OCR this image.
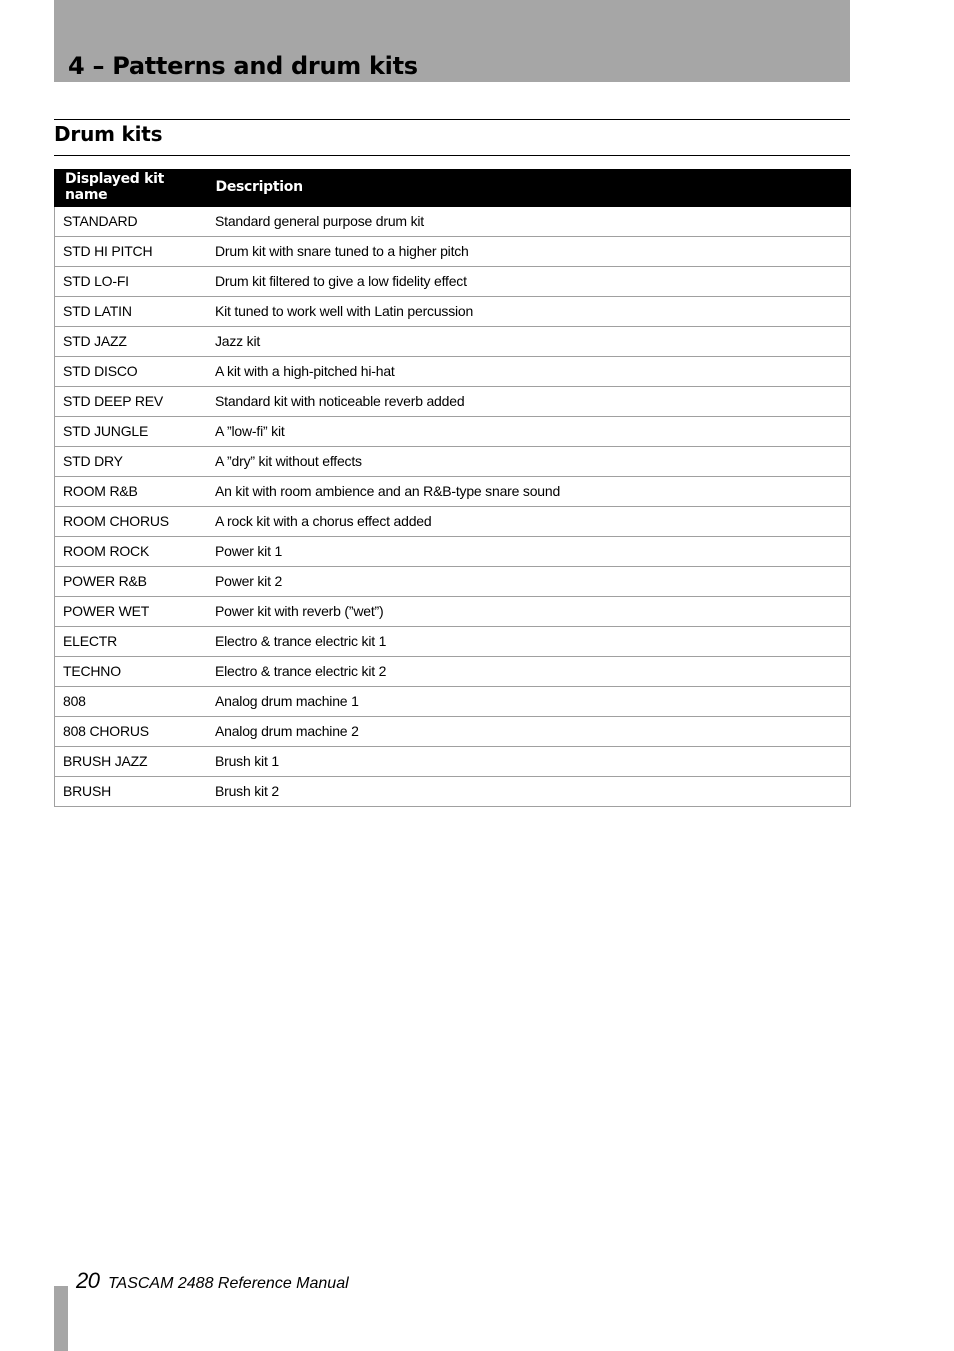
4 – Patterns and drum kits
Drum kits
Displayed kit name	Description
STANDARD	Standard general purpose drum kit
STD HI PITCH	Drum kit with snare tuned to a higher pitch
STD LO-FI	Drum kit filtered to give a low fidelity effect
STD LATIN	Kit tuned to work well with Latin percussion
STD JAZZ	Jazz kit
STD DISCO	A kit with a high-pitched hi-hat
STD DEEP REV	Standard kit with noticeable reverb added
STD JUNGLE	A ”low-fi” kit
STD DRY	A ”dry” kit without effects
ROOM R&B	An kit with room ambience and an R&B-type snare sound
ROOM CHORUS	A rock kit with a chorus effect added
ROOM ROCK	Power kit 1
POWER R&B	Power kit 2
POWER WET	Power kit with reverb (”wet”)
ELECTR	Electro & trance electric kit 1
TECHNO	Electro & trance electric kit 2
808	Analog drum machine 1
808 CHORUS	Analog drum machine 2
BRUSH JAZZ	Brush kit 1
BRUSH	Brush kit 2
20 TASCAM 2488 Reference Manual
